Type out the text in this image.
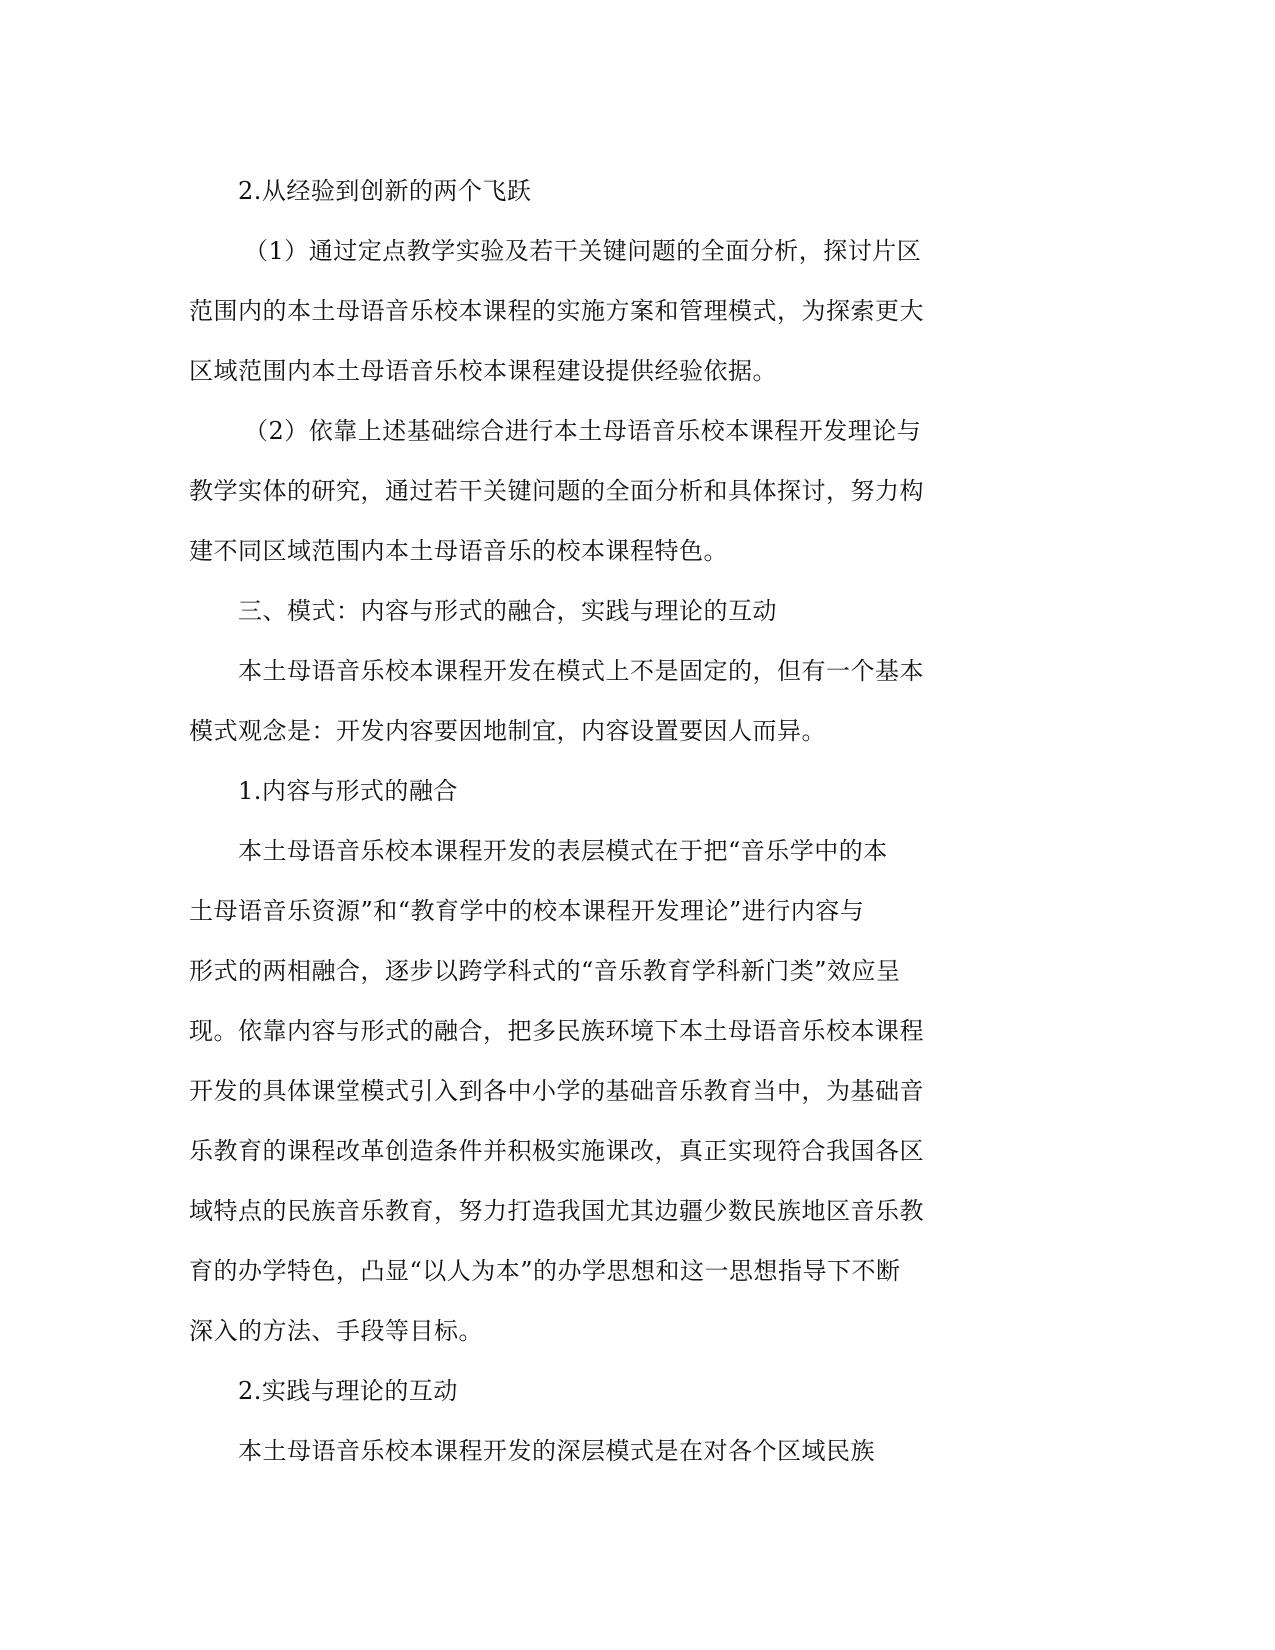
2.从经验到创新的两个飞跃
（1）通过定点教学实验及若干关键问题的全面分析，探讨片区
范围内的本土母语音乐校本课程的实施方案和管理模式，为探索更大
区域范围内本土母语音乐校本课程建设提供经验依据。
（2）依靠上述基础综合进行本土母语音乐校本课程开发理论与
教学实体的研究，通过若干关键问题的全面分析和具体探讨，努力构
建不同区域范围内本土母语音乐的校本课程特色。
三、模式：内容与形式的融合，实践与理论的互动
本土母语音乐校本课程开发在模式上不是固定的，但有一个基本
模式观念是：开发内容要因地制宜，内容设置要因人而异。
1.内容与形式的融合
本土母语音乐校本课程开发的表层模式在于把“音乐学中的本
土母语音乐资源”和“教育学中的校本课程开发理论”进行内容与
形式的两相融合，逐步以跨学科式的“音乐教育学科新门类”效应呈
现。依靠内容与形式的融合，把多民族环境下本土母语音乐校本课程
开发的具体课堂模式引入到各中小学的基础音乐教育当中，为基础音
乐教育的课程改革创造条件并积极实施课改，真正实现符合我国各区
域特点的民族音乐教育，努力打造我国尤其边疆少数民族地区音乐教
育的办学特色，凸显“以人为本”的办学思想和这一思想指导下不断
深入的方法、手段等目标。
2.实践与理论的互动
本土母语音乐校本课程开发的深层模式是在对各个区域民族
